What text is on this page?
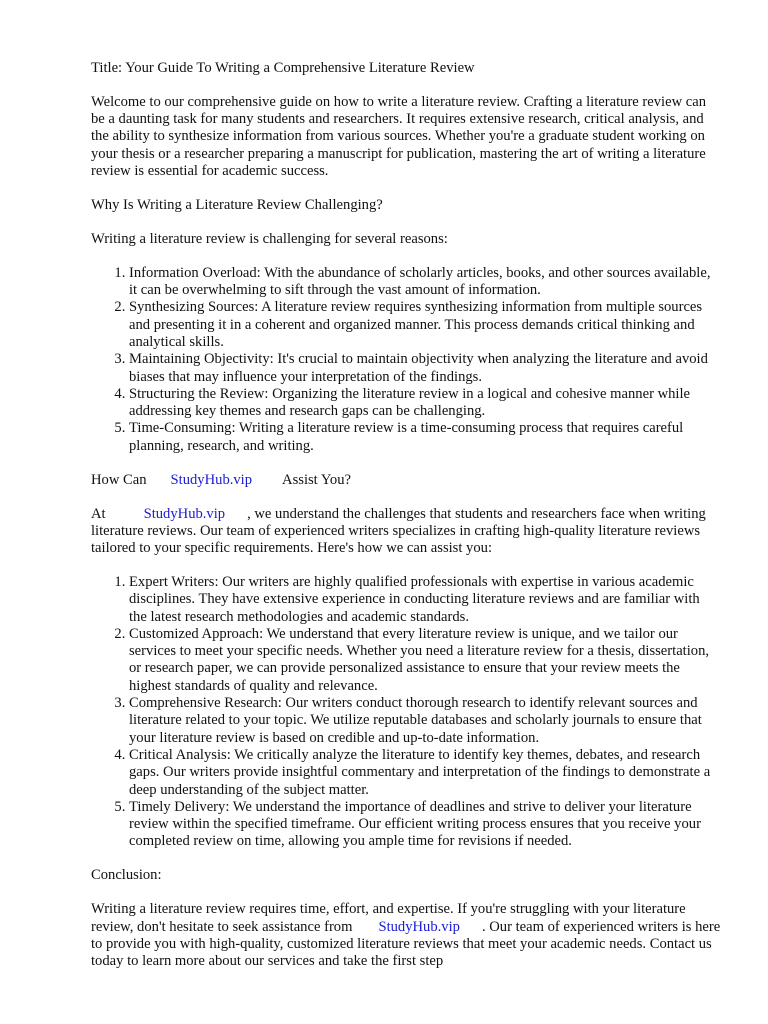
Title: Your Guide To Writing a Comprehensive Literature Review

Welcome to our comprehensive guide on how to write a literature review. Crafting a literature review can be a daunting task for many students and researchers. It requires extensive research, critical analysis, and the ability to synthesize information from various sources. Whether you're a graduate student working on your thesis or a researcher preparing a manuscript for publication, mastering the art of writing a literature review is essential for academic success.

Why Is Writing a Literature Review Challenging?

Writing a literature review is challenging for several reasons:

1. Information Overload: With the abundance of scholarly articles, books, and other sources available, it can be overwhelming to sift through the vast amount of information.
2. Synthesizing Sources: A literature review requires synthesizing information from multiple sources and presenting it in a coherent and organized manner. This process demands critical thinking and analytical skills.
3. Maintaining Objectivity: It's crucial to maintain objectivity when analyzing the literature and avoid biases that may influence your interpretation of the findings.
4. Structuring the Review: Organizing the literature review in a logical and cohesive manner while addressing key themes and research gaps can be challenging.
5. Time-Consuming: Writing a literature review is a time-consuming process that requires careful planning, research, and writing.

How Can StudyHub.vip Assist You?

At	StudyHub.vip , we understand the challenges that students and researchers face when writing literature reviews. Our team of experienced writers specializes in crafting high-quality literature reviews tailored to your specific requirements. Here's how we can assist you:

1. Expert Writers: Our writers are highly qualified professionals with expertise in various academic disciplines. They have extensive experience in conducting literature reviews and are familiar with the latest research methodologies and academic standards.
2. Customized Approach: We understand that every literature review is unique, and we tailor our services to meet your specific needs. Whether you need a literature review for a thesis, dissertation, or research paper, we can provide personalized assistance to ensure that your review meets the highest standards of quality and relevance.
3. Comprehensive Research: Our writers conduct thorough research to identify relevant sources and literature related to your topic. We utilize reputable databases and scholarly journals to ensure that your literature review is based on credible and up-to-date information.
4. Critical Analysis: We critically analyze the literature to identify key themes, debates, and research gaps. Our writers provide insightful commentary and interpretation of the findings to demonstrate a deep understanding of the subject matter.
5. Timely Delivery: We understand the importance of deadlines and strive to deliver your literature review within the specified timeframe. Our efficient writing process ensures that you receive your completed review on time, allowing you ample time for revisions if needed.

Conclusion:

Writing a literature review requires time, effort, and expertise. If you're struggling with your literature review, don't hesitate to seek assistance from StudyHub.vip . Our team of experienced writers is here to provide you with high-quality, customized literature reviews that meet your academic needs. Contact us today to learn more about our services and take the first step
